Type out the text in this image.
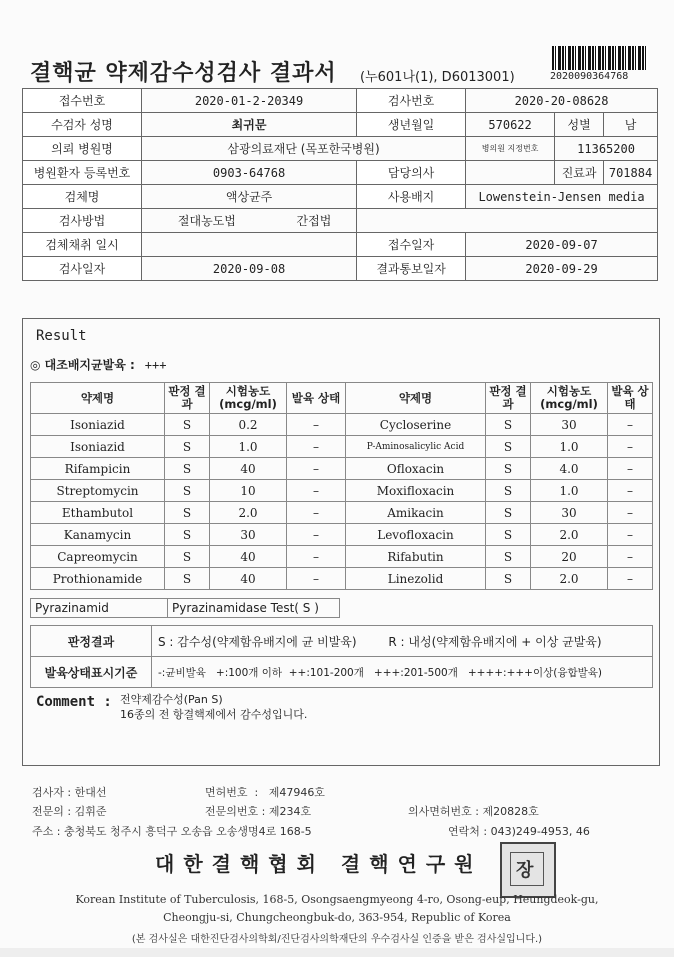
결핵균 약제감수성검사 결과서 (누601나(1), D6013001)	2020090364768
접수번호	2020-01-2-20349		검사번호	2020-20-08628		
수검자 성명	최귀문		생년월일	570622	성별	남
의뢰 병원명	삼광의료재단 (목포한국병원)			병의원 지정번호	11365200	
병원환자 등록번호	0903-64768		담당의사		진료과	701884
검체명	액상균주		사용배지	Lowenstein-Jensen media		
검사방법	절대농도법	간접법				
검체채취 일시			접수일자	2020-09-07		
검사일자	2020-09-08		결과통보일자	2020-09-29		
Result
◎ 대조배지균발육 : +++
약제명	판정 결과	시험농도 (mcg/ml)	발육 상태	약제명	판정 결과	시험농도 (mcg/ml)	발육 상태
Isoniazid	S	0.2	–	Cycloserine	S	30	–
Isoniazid	S	1.0	–	P-Aminosalicylic Acid	S	1.0	–
Rifampicin	S	40	–	Ofloxacin	S	4.0	–
Streptomycin	S	10	–	Moxifloxacin	S	1.0	–
Ethambutol	S	2.0	–	Amikacin	S	30	–
Kanamycin	S	30	–	Levofloxacin	S	2.0	–
Capreomycin	S	40	–	Rifabutin	S	20	–
Prothionamide	S	40	–	Linezolid	S	2.0	–
Pyrazinamid	Pyrazinamidase Test( S )
판정결과	S : 감수성(약제함유배지에 균 비발육) R : 내성(약제함유배지에 + 이상 균발육)
발육상태표시기준	-:균비발육   +:100개 이하  ++:101-200개   +++:201-500개   ++++:+++이상(융합발육)
Comment : 전약제감수성(Pan S)
16종의 전 항결핵제에서 감수성입니다.
검사자 : 한대선	면허번호  :   제47946호
전문의 : 김휘준	전문의번호 : 제234호	의사면허번호 : 제20828호
주소 : 충청북도 청주시 흥덕구 오송읍 오송생명4로 168-5	연락처 : 043)249-4953, 46
대한결핵협회 결핵연구원 장
Korean Institute of Tuberculosis, 168-5, Osongsaengmyeong 4-ro, Osong-eup, Heungdeok-gu,
Cheongju-si, Chungcheongbuk-do, 363-954, Republic of Korea
(본 검사실은 대한진단검사의학회/진단검사의학재단의 우수검사실 인증을 받은 검사실입니다.)
